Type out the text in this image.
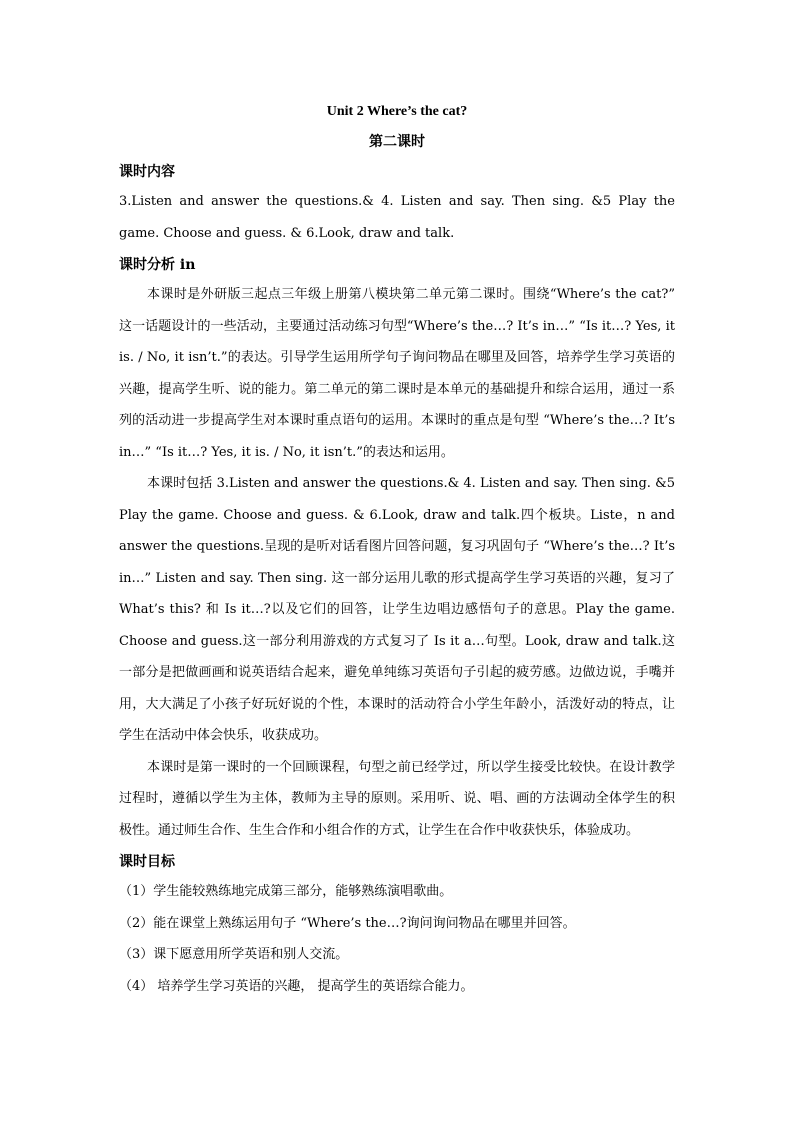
Unit 2 Where’s the cat?

第二课时

课时内容

3.Listen and answer the questions.& 4. Listen and say. Then sing. &5 Play the game. Choose and guess. & 6.Look, draw and talk.

课时分析 in

本课时是外研版三起点三年级上册第八模块第二单元第二课时。围绕“Where’s the cat?” 这一话题设计的一些活动，主要通过活动练习句型“Where’s the…? It’s in…” “Is it…? Yes, it is. / No, it isn’t.”的表达。引导学生运用所学句子询问物品在哪里及回答，培养学生学习英语的兴趣，提高学生听、说的能力。第二单元的第二课时是本单元的基础提升和综合运用，通过一系列的活动进一步提高学生对本课时重点语句的运用。本课时的重点是句型 “Where’s the…? It’s in…” “Is it…? Yes, it is. / No, it isn’t.”的表达和运用。

本课时包括 3.Listen and answer the questions.& 4. Listen and say. Then sing. &5 Play the game. Choose and guess. & 6.Look, draw and talk.四个板块。Liste，n and answer the questions.呈现的是听对话看图片回答问题，复习巩固句子 “Where’s the…? It’s in…” Listen and say. Then sing. 这一部分运用儿歌的形式提高学生学习英语的兴趣，复习了 What’s this? 和 Is it…?以及它们的回答，让学生边唱边感悟句子的意思。Play the game. Choose and guess.这一部分利用游戏的方式复习了 Is it a…句型。Look, draw and talk.这一部分是把做画画和说英语结合起来，避免单纯练习英语句子引起的疲劳感。边做边说，手嘴并用，大大满足了小孩子好玩好说的个性，本课时的活动符合小学生年龄小，活泼好动的特点，让学生在活动中体会快乐，收获成功。

本课时是第一课时的一个回顾课程，句型之前已经学过，所以学生接受比较快。在设计教学过程时，遵循以学生为主体，教师为主导的原则。采用听、说、唱、画的方法调动全体学生的积极性。通过师生合作、生生合作和小组合作的方式，让学生在合作中收获快乐，体验成功。

课时目标

（1）学生能较熟练地完成第三部分，能够熟练演唱歌曲。
（2）能在课堂上熟练运用句子 “Where’s the…?询问询问物品在哪里并回答。
（3）课下愿意用所学英语和别人交流。
（4） 培养学生学习英语的兴趣， 提高学生的英语综合能力。
